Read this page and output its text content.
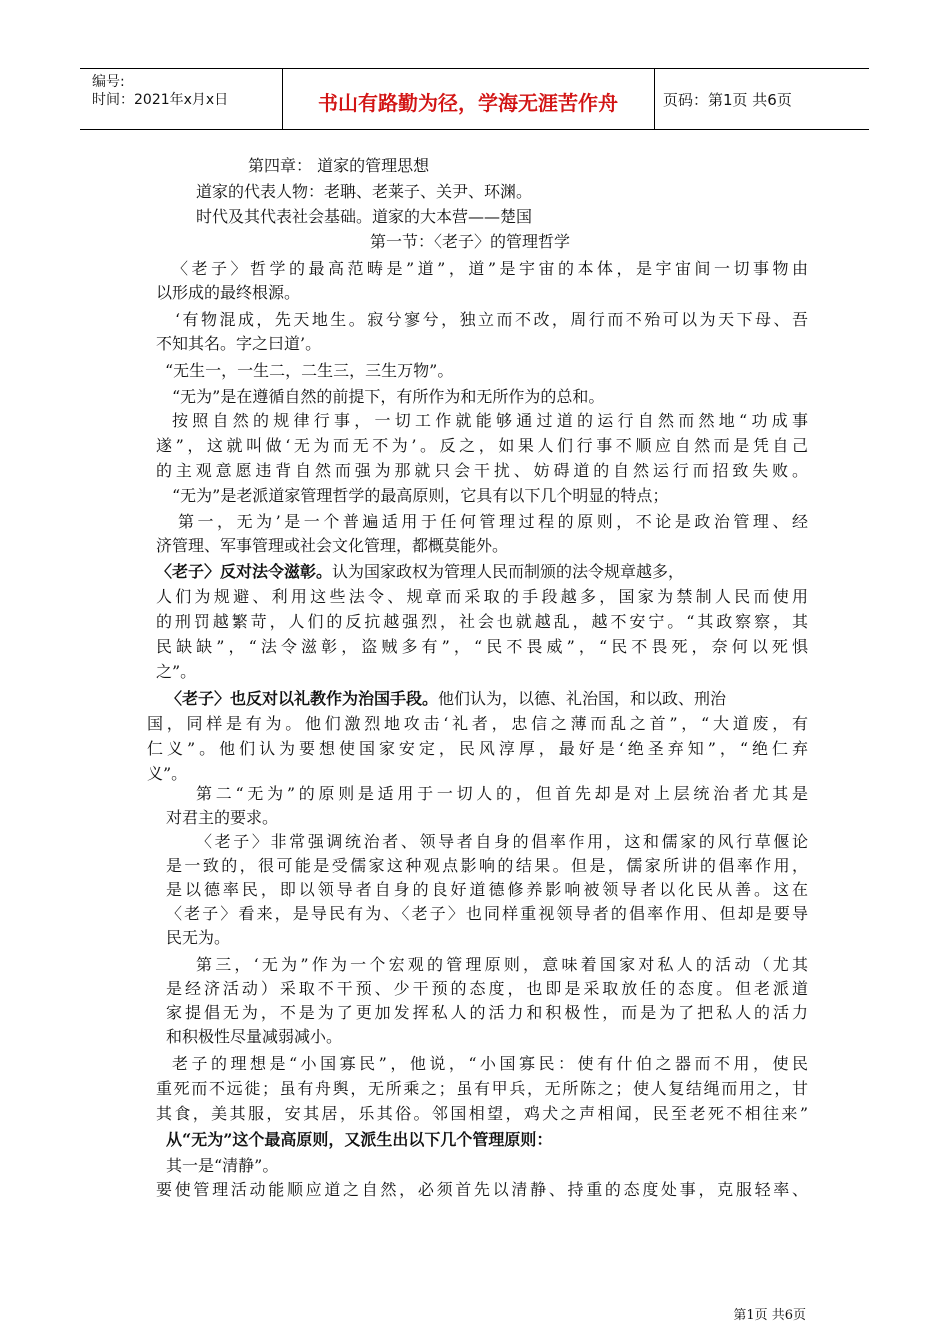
编号:
时间：2021年x月x日	书山有路勤为径，学海无涯苦作舟	页码：第1页 共6页
第四章： 道家的管理思想
道家的代表人物：老聃、老莱子、关尹、环渊。
时代及其代表社会基础。道家的大本营——楚国
第一节：〈老子〉的管理哲学
〈老子〉哲学的最高范畴是”道”，道”是宇宙的本体，是宇宙间一切事物由
以形成的最终根源。
‘有物混成，先天地生。寂兮寥兮，独立而不改，周行而不殆可以为天下母、吾
不知其名。字之曰道’。
“无生一，一生二，二生三，三生万物”。
“无为”是在遵循自然的前提下，有所作为和无所作为的总和。
按照自然的规律行事，一切工作就能够通过道的运行自然而然地“功成事
遂”，这就叫做‘无为而无不为’。反之，如果人们行事不顺应自然而是凭自己
的主观意愿违背自然而强为那就只会干扰、妨碍道的自然运行而招致失败。
“无为”是老派道家管理哲学的最高原则，它具有以下几个明显的特点；
第一，无为’是一个普遍适用于任何管理过程的原则，不论是政治管理、经
济管理、军事管理或社会文化管理，都概莫能外。
〈老子〉反对法令滋彰。认为国家政权为管理人民而制颁的法令规章越多，
人们为规避、利用这些法令、规章而采取的手段越多，国家为禁制人民而使用
的刑罚越繁苛，人们的反抗越强烈，社会也就越乱，越不安宁。“其政察察，其
民缺缺”，“法令滋彰，盗贼多有”，“民不畏威”，“民不畏死，奈何以死惧
之”。
〈老子〉也反对以礼教作为治国手段。他们认为，以德、礼治国，和以政、刑治
国，同样是有为。他们激烈地攻击‘礼者，忠信之薄而乱之首”，“大道废，有
仁义”。他们认为要想使国家安定，民风淳厚，最好是‘绝圣弃知”，“绝仁弃
义”。
第二“无为”的原则是适用于一切人的，但首先却是对上层统治者尤其是
对君主的要求。
〈老子〉非常强调统治者、领导者自身的倡率作用，这和儒家的风行草偃论
是一致的，很可能是受儒家这种观点影响的结果。但是，儒家所讲的倡率作用，
是以德率民，即以领导者自身的良好道德修养影响被领导者以化民从善。这在
〈老子〉看来，是导民有为、〈老子〉也同样重视领导者的倡率作用、但却是要导
民无为。
第三，‘无为”作为一个宏观的管理原则，意味着国家对私人的活动（尤其
是经济活动）采取不干预、少干预的态度，也即是采取放任的态度。但老派道
家提倡无为，不是为了更加发挥私人的活力和积极性，而是为了把私人的活力
和积极性尽量减弱减小。
老子的理想是“小国寡民”，他说，“小国寡民：使有什伯之器而不用，使民
重死而不远徙；虽有舟舆，无所乘之；虽有甲兵，无所陈之；使人复结绳而用之，甘
其食，美其服，安其居，乐其俗。邻国相望，鸡犬之声相闻，民至老死不相往来”
从“无为”这个最高原则，又派生出以下几个管理原则：
其一是“清静”。
要使管理活动能顺应道之自然，必须首先以清静、持重的态度处事，克服轻率、
第1页 共6页
